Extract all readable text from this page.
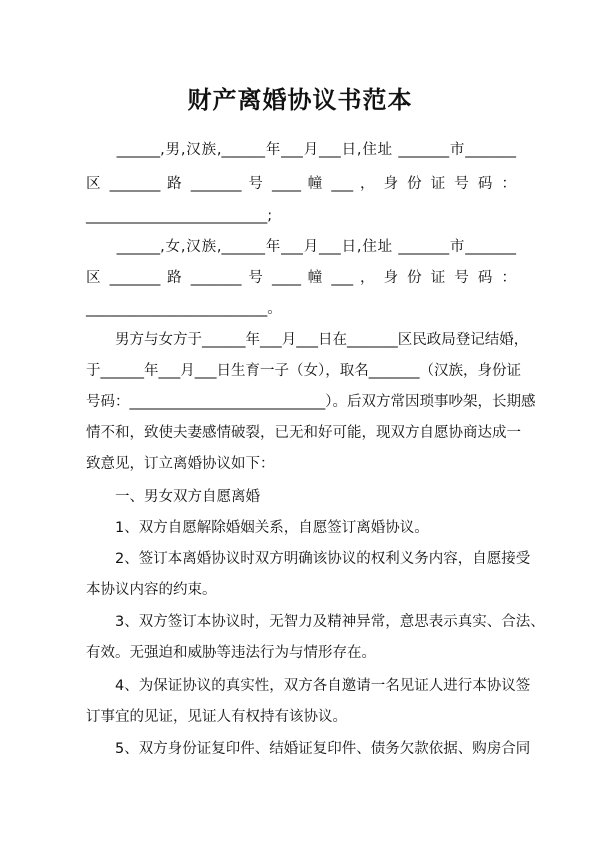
财产离婚协议书范本
　　______,男,汉族,______年___月___日,住址 _______市_______
区 _______ 路 _______ 号 ____ 幢 ___ ， 身 份 证 号 码 ：
_________________________;
　　______,女,汉族,______年___月___日,住址 _______市_______
区 _______ 路 _______ 号 ____ 幢 ___ ， 身 份 证 号 码 ：
_________________________。
　　男方与女方于______年___月___日在_______区民政局登记结婚，
于______年___月___日生育一子（女），取名_______（汉族，身份证
号码：___________________________）。后双方常因琐事吵架，长期感
情不和，致使夫妻感情破裂，已无和好可能，现双方自愿协商达成一
致意见，订立离婚协议如下：
　　一、男女双方自愿离婚
　　1、双方自愿解除婚姻关系，自愿签订离婚协议。
　　2、签订本离婚协议时双方明确该协议的权利义务内容，自愿接受
本协议内容的约束。
　　3、双方签订本协议时，无智力及精神异常，意思表示真实、合法、
有效。无强迫和威胁等违法行为与情形存在。
　　4、为保证协议的真实性，双方各自邀请一名见证人进行本协议签
订事宜的见证，见证人有权持有该协议。
　　5、双方身份证复印件、结婚证复印件、债务欠款依据、购房合同
